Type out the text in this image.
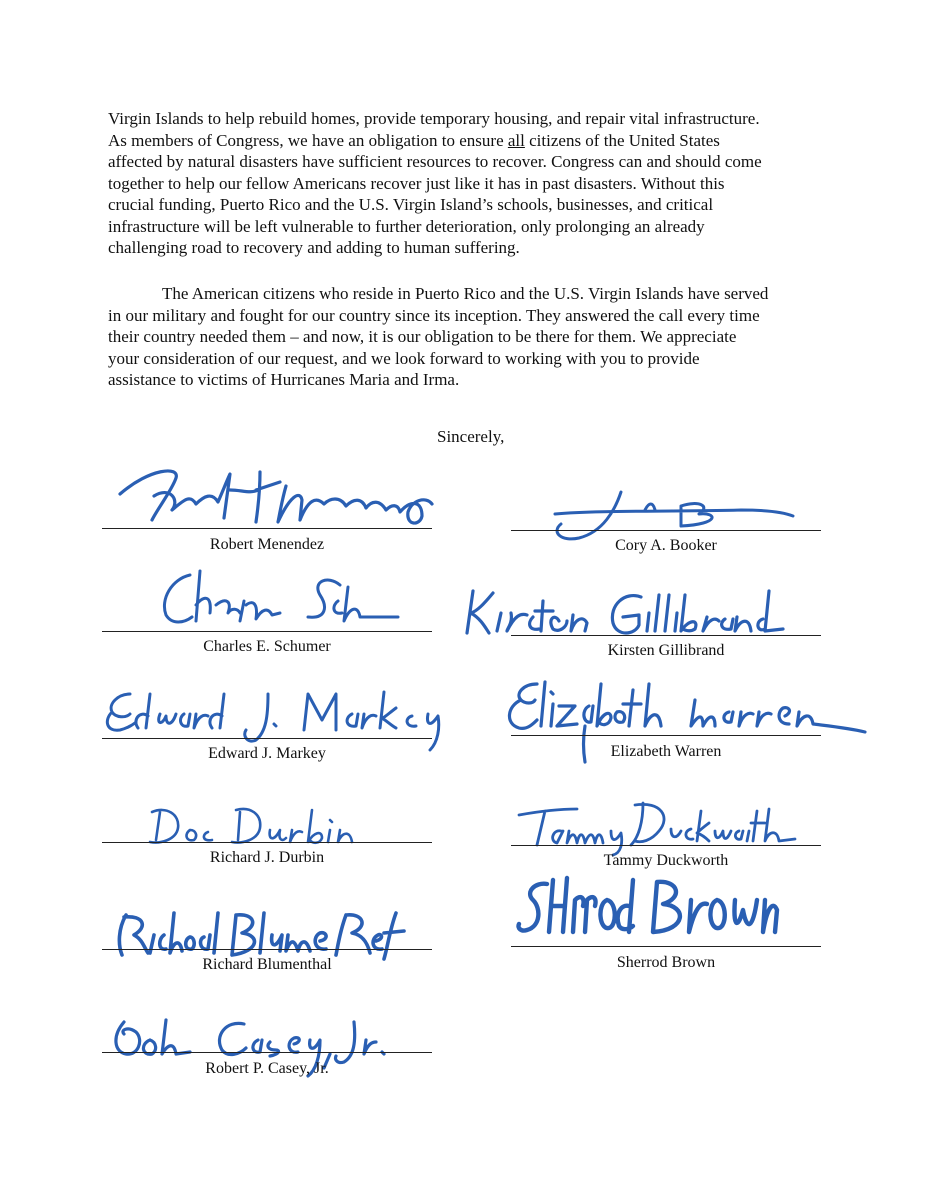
Virgin Islands to help rebuild homes, provide temporary housing, and repair vital infrastructure.
As members of Congress, we have an obligation to ensure all citizens of the United States
affected by natural disasters have sufficient resources to recover. Congress can and should come
together to help our fellow Americans recover just like it has in past disasters. Without this
crucial funding, Puerto Rico and the U.S. Virgin Island’s schools, businesses, and critical
infrastructure will be left vulnerable to further deterioration, only prolonging an already
challenging road to recovery and adding to human suffering.
The American citizens who reside in Puerto Rico and the U.S. Virgin Islands have served
in our military and fought for our country since its inception. They answered the call every time
their country needed them – and now, it is our obligation to be there for them. We appreciate
your consideration of our request, and we look forward to working with you to provide
assistance to victims of Hurricanes Maria and Irma.

Sincerely,

Robert Menendez	Cory A. Booker
Charles E. Schumer	Kirsten Gillibrand
Edward J. Markey	Elizabeth Warren
Richard J. Durbin	Tammy Duckworth
Richard Blumenthal	Sherrod Brown
Robert P. Casey, Jr.
